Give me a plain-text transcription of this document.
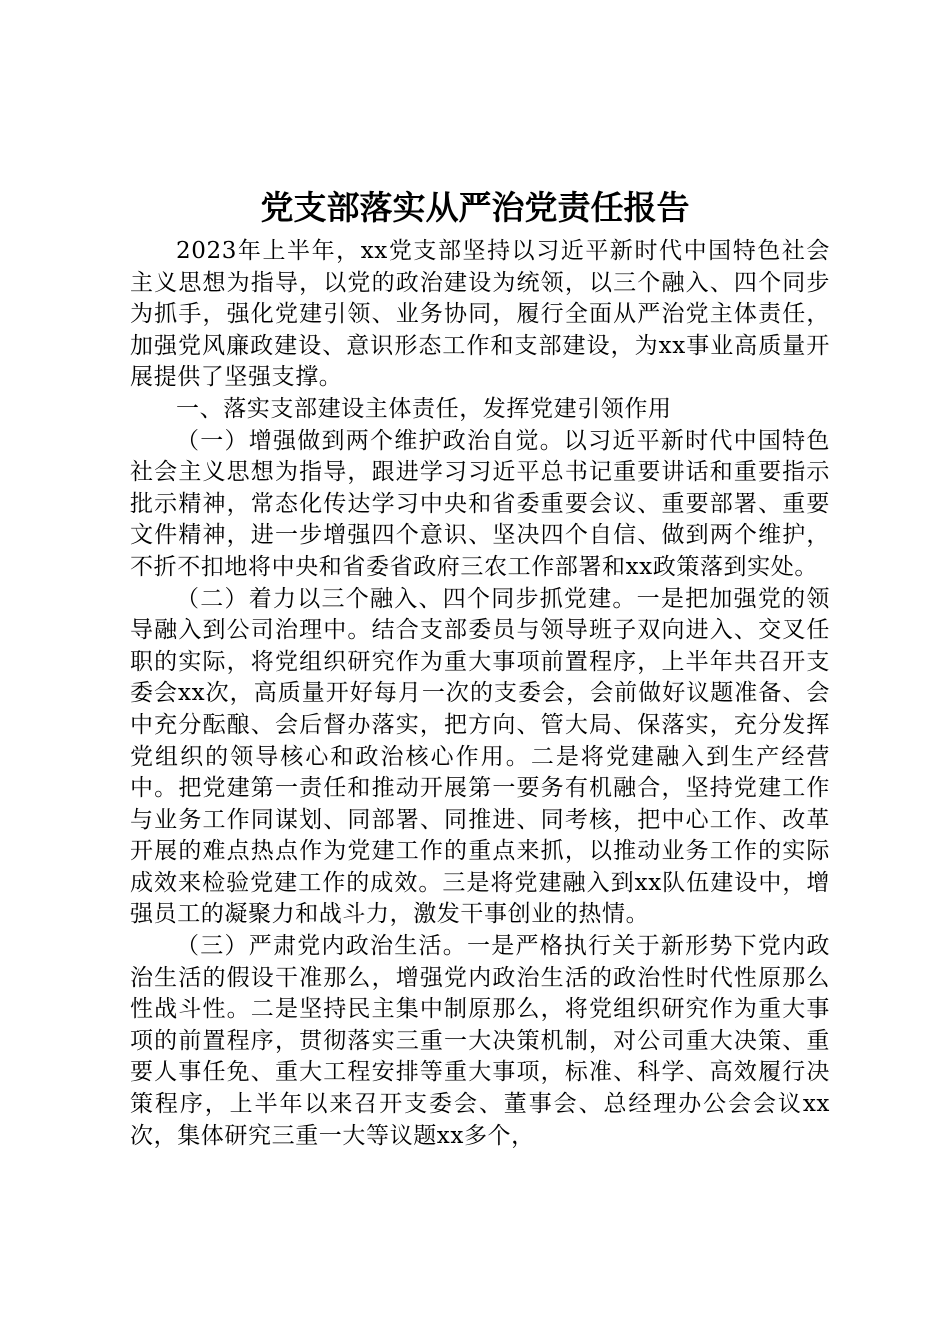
党支部落实从严治党责任报告

2023年上半年，xx党支部坚持以习近平新时代中国特色社会主义思想为指导，以党的政治建设为统领，以三个融入、四个同步为抓手，强化党建引领、业务协同，履行全面从严治党主体责任，加强党风廉政建设、意识形态工作和支部建设，为xx事业高质量开展提供了坚强支撑。

一、落实支部建设主体责任，发挥党建引领作用

（一）增强做到两个维护政治自觉。以习近平新时代中国特色社会主义思想为指导，跟进学习习近平总书记重要讲话和重要指示批示精神，常态化传达学习中央和省委重要会议、重要部署、重要文件精神，进一步增强四个意识、坚决四个自信、做到两个维护，不折不扣地将中央和省委省政府三农工作部署和xx政策落到实处。

（二）着力以三个融入、四个同步抓党建。一是把加强党的领导融入到公司治理中。结合支部委员与领导班子双向进入、交叉任职的实际，将党组织研究作为重大事项前置程序，上半年共召开支委会xx次，高质量开好每月一次的支委会，会前做好议题准备、会中充分酝酿、会后督办落实，把方向、管大局、保落实，充分发挥党组织的领导核心和政治核心作用。二是将党建融入到生产经营中。把党建第一责任和推动开展第一要务有机融合，坚持党建工作与业务工作同谋划、同部署、同推进、同考核，把中心工作、改革开展的难点热点作为党建工作的重点来抓，以推动业务工作的实际成效来检验党建工作的成效。三是将党建融入到xx队伍建设中，增强员工的凝聚力和战斗力，激发干事创业的热情。

（三）严肃党内政治生活。一是严格执行关于新形势下党内政治生活的假设干准那么，增强党内政治生活的政治性时代性原那么性战斗性。二是坚持民主集中制原那么，将党组织研究作为重大事项的前置程序，贯彻落实三重一大决策机制，对公司重大决策、重要人事任免、重大工程安排等重大事项，标准、科学、高效履行决策程序，上半年以来召开支委会、董事会、总经理办公会会议xx次，集体研究三重一大等议题xx多个，
